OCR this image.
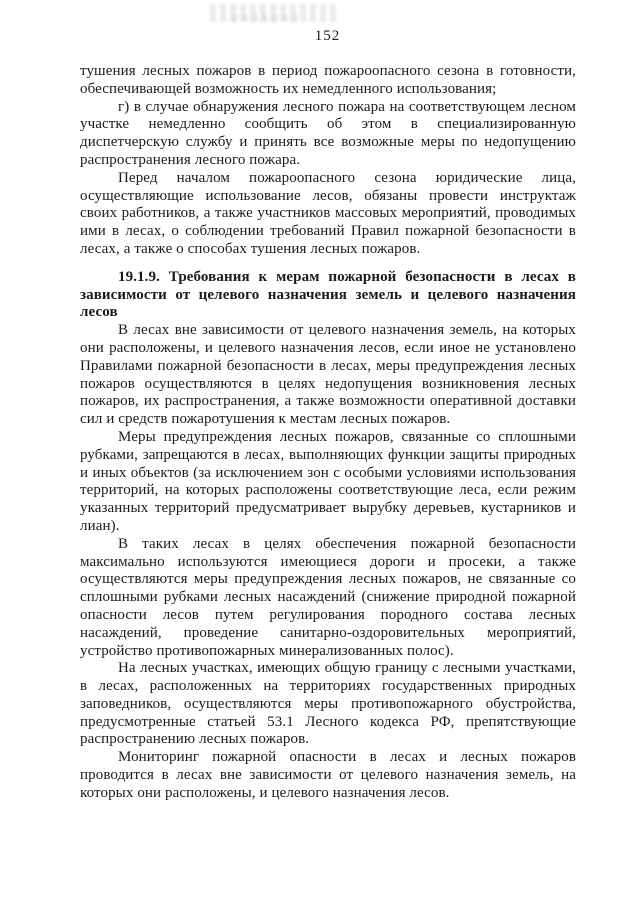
152

тушения лесных пожаров в период пожароопасного сезона в готовности, обеспечивающей возможность их немедленного использования;

г) в случае обнаружения лесного пожара на соответствующем лесном участке немедленно сообщить об этом в специализированную диспетчерскую службу и принять все возможные меры по недопущению распространения лесного пожара.

Перед началом пожароопасного сезона юридические лица, осуществляющие использование лесов, обязаны провести инструктаж своих работников, а также участников массовых мероприятий, проводимых ими в лесах, о соблюдении требований Правил пожарной безопасности в лесах, а также о способах тушения лесных пожаров.

19.1.9. Требования к мерам пожарной безопасности в лесах в зависимости от целевого назначения земель и целевого назначения лесов

В лесах вне зависимости от целевого назначения земель, на которых они расположены, и целевого назначения лесов, если иное не установлено Правилами пожарной безопасности в лесах, меры предупреждения лесных пожаров осуществляются в целях недопущения возникновения лесных пожаров, их распространения, а также возможности оперативной доставки сил и средств пожаротушения к местам лесных пожаров.

Меры предупреждения лесных пожаров, связанные со сплошными рубками, запрещаются в лесах, выполняющих функции защиты природных и иных объектов (за исключением зон с особыми условиями использования территорий, на которых расположены соответствующие леса, если режим указанных территорий предусматривает вырубку деревьев, кустарников и лиан).

В таких лесах в целях обеспечения пожарной безопасности максимально используются имеющиеся дороги и просеки, а также осуществляются меры предупреждения лесных пожаров, не связанные со сплошными рубками лесных насаждений (снижение природной пожарной опасности лесов путем регулирования породного состава лесных насаждений, проведение санитарно-оздоровительных мероприятий, устройство противопожарных минерализованных полос).

На лесных участках, имеющих общую границу с лесными участками, в лесах, расположенных на территориях государственных природных заповедников, осуществляются меры противопожарного обустройства, предусмотренные статьей 53.1 Лесного кодекса РФ, препятствующие распространению лесных пожаров.

Мониторинг пожарной опасности в лесах и лесных пожаров проводится в лесах вне зависимости от целевого назначения земель, на которых они расположены, и целевого назначения лесов.
